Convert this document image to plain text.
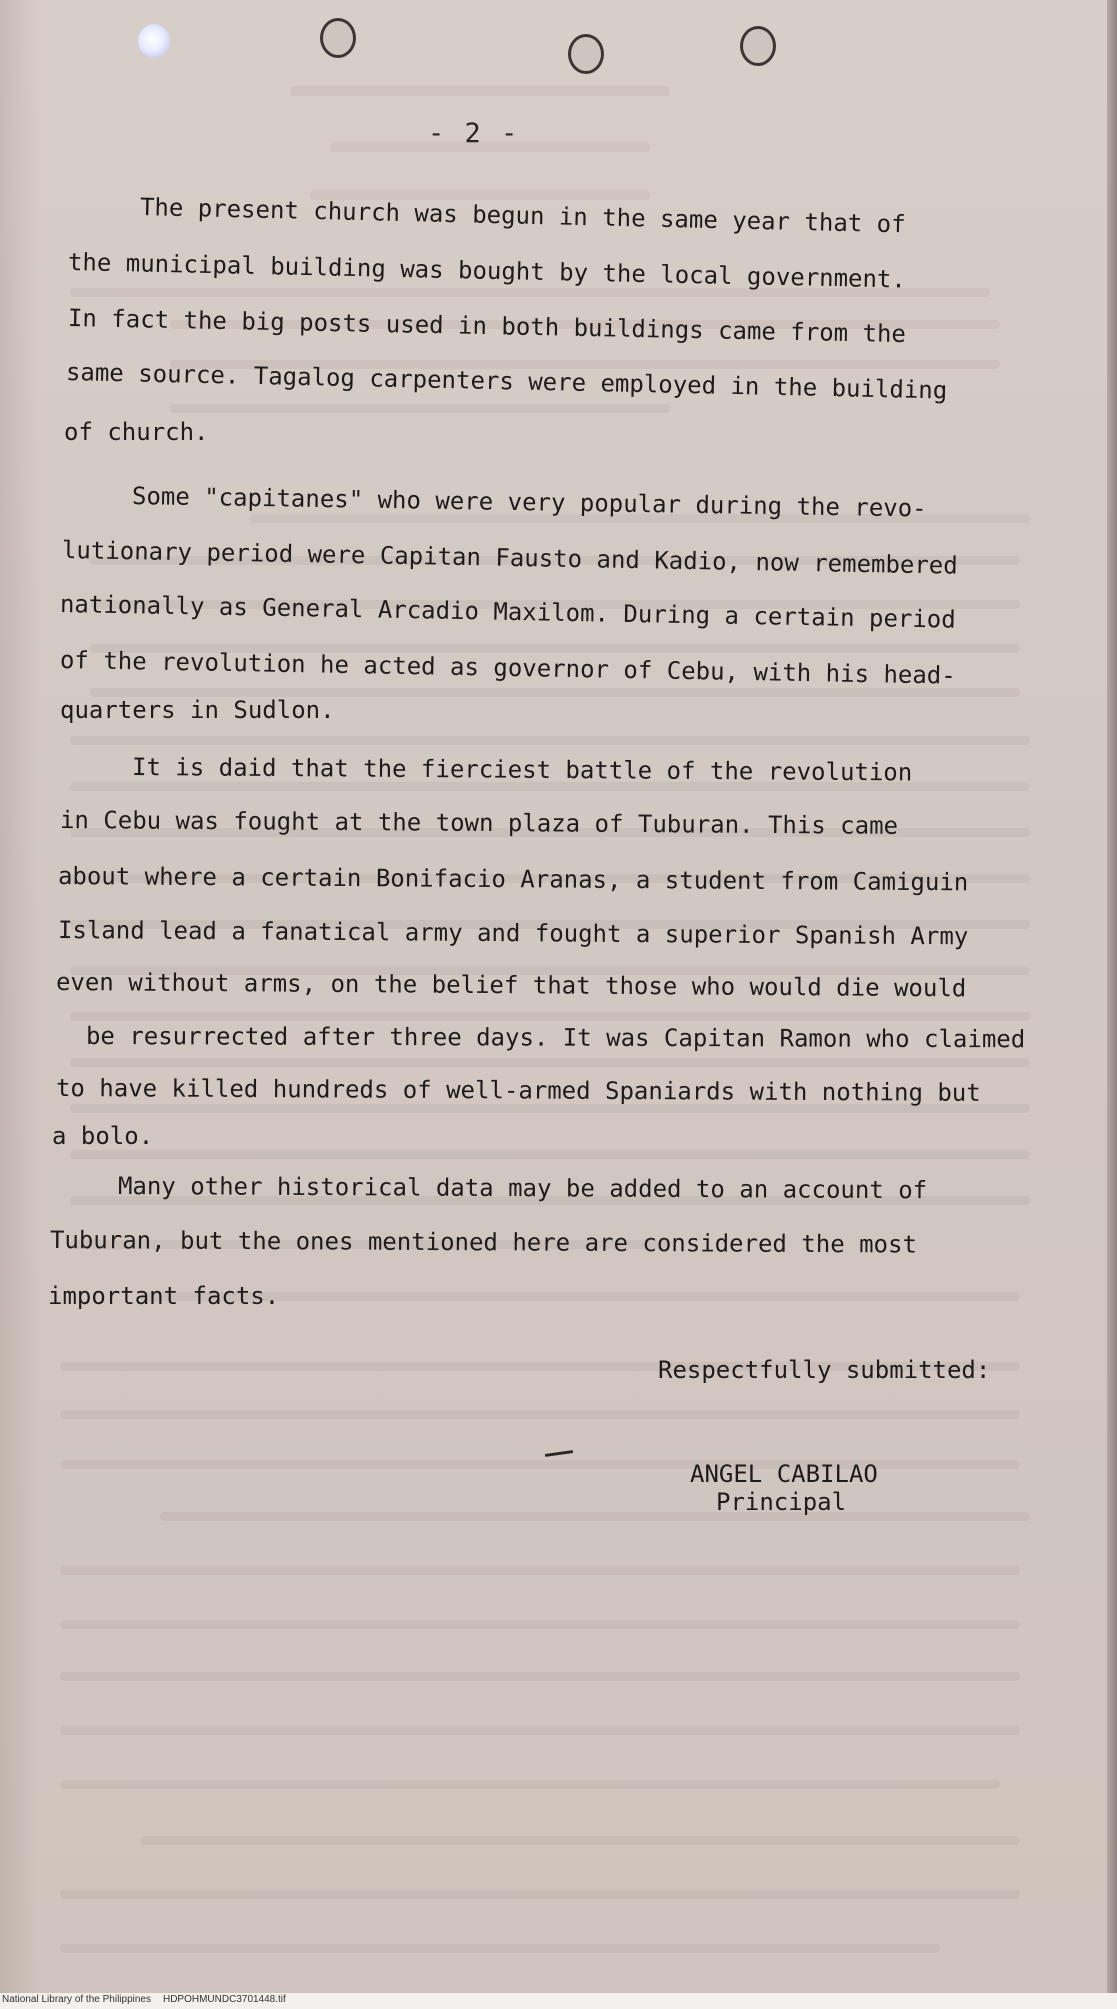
- 2 -
The present church was begun in the same year that of
the municipal building was bought by the local government.
In fact the big posts used in both buildings came from the
same source. Tagalog carpenters were employed in the building
of church.
Some "capitanes" who were very popular during the revo-
lutionary period were Capitan Fausto and Kadio, now remembered
nationally as General Arcadio Maxilom. During a certain period
of the revolution he acted as governor of Cebu, with his head-
quarters in Sudlon.
It is daid that the fierciest battle of the revolution
in Cebu was fought at the town plaza of Tuburan. This came
about where a certain Bonifacio Aranas, a student from Camiguin
Island lead a fanatical army and fought a superior Spanish Army
even without arms, on the belief that those who would die would
be resurrected after three days. It was Capitan Ramon who claimed
to have killed hundreds of well-armed Spaniards with nothing but
a bolo.
Many other historical data may be added to an account of
Tuburan, but the ones mentioned here are considered the most
important facts.
Respectfully submitted:
ANGEL CABILAO
Principal
National Library of the Philippines HDPOHMUNDC3701448.tif
